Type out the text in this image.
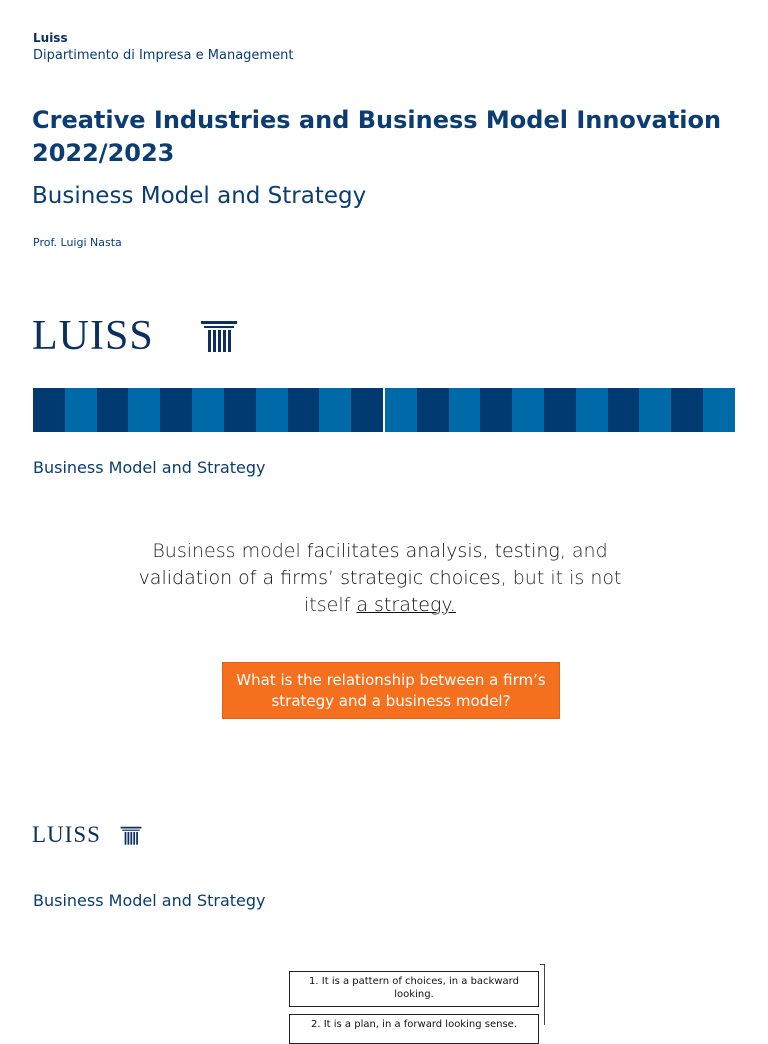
Luiss
Dipartimento di Impresa e Management
Creative Industries and Business Model Innovation 2022/2023
Business Model and Strategy
Prof. Luigi Nasta
LUISS
Business Model and Strategy
Business model facilitates analysis, testing, and validation of a firms’ strategic choices, but it is not itself a strategy.
What is the relationship between a firm’s strategy and a business model?
LUISS
Business Model and Strategy
1. It is a pattern of choices, in a backward looking.
2. It is a plan, in a forward looking sense.
